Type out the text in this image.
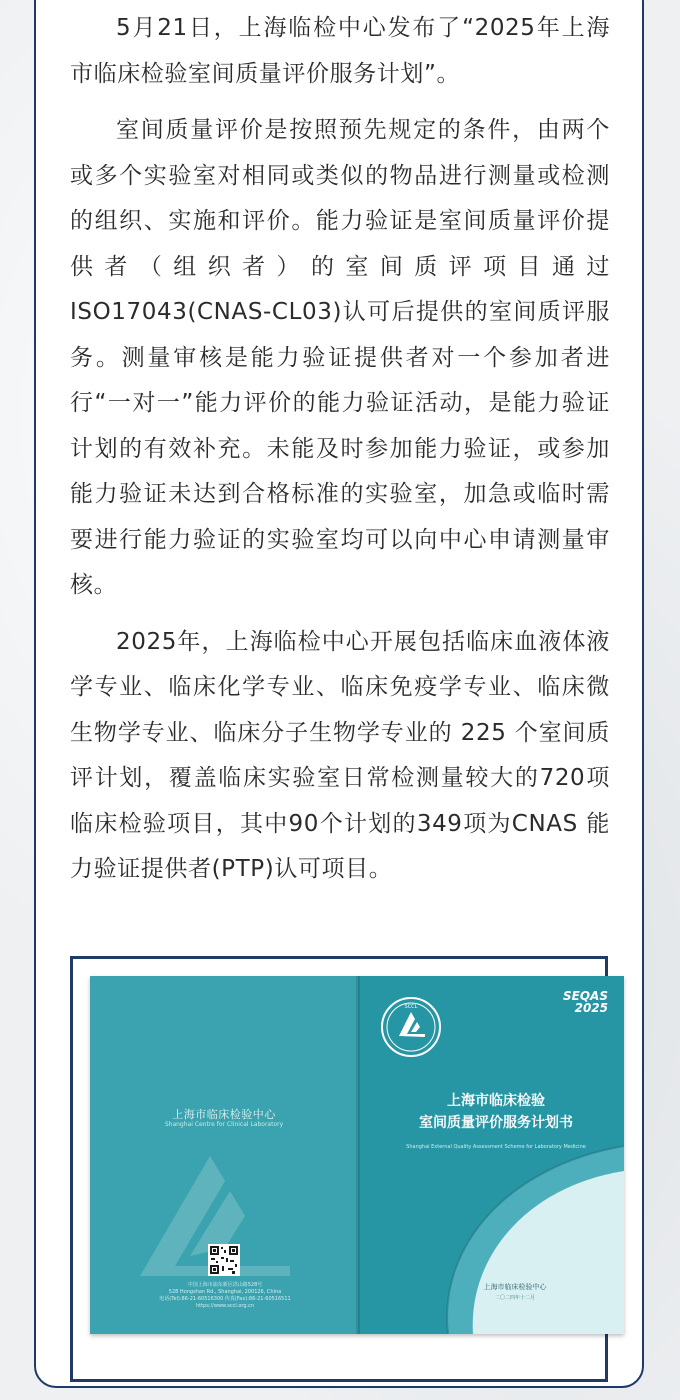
5月21日，上海临检中心发布了“2025年上海市临床检验室间质量评价服务计划”。

室间质量评价是按照预先规定的条件，由两个或多个实验室对相同或类似的物品进行测量或检测的组织、实施和评价。能力验证是室间质量评价提供者（组织者）的室间质评项目通过ISO17043(CNAS-CL03)认可后提供的室间质评服务。测量审核是能力验证提供者对一个参加者进行“一对一”能力评价的能力验证活动，是能力验证计划的有效补充。未能及时参加能力验证，或参加能力验证未达到合格标准的实验室，加急或临时需要进行能力验证的实验室均可以向中心申请测量审核。

2025年，上海临检中心开展包括临床血液体液学专业、临床化学专业、临床免疫学专业、临床微生物学专业、临床分子生物学专业的 225 个室间质评计划，覆盖临床实验室日常检测量较大的720项临床检验项目，其中90个计划的349项为CNAS 能力验证提供者(PTP)认可项目。

上海市临床检验中心
Shanghai Centre for Clinical Laboratory
中国上海市浦东新区洪山路528号
528 Hongshan Rd., Shanghai, 200126, China
电话(Tel):86-21-60516300 传真(Fax):86-21-60516511
https://www.sccl.org.cn
SEQAS
2025
SCCL
上海市临床检验
室间质量评价服务计划书
Shanghai External Quality Assessment Scheme for Laboratory Medicine
上海市临床检验中心
二〇二四年十二月
